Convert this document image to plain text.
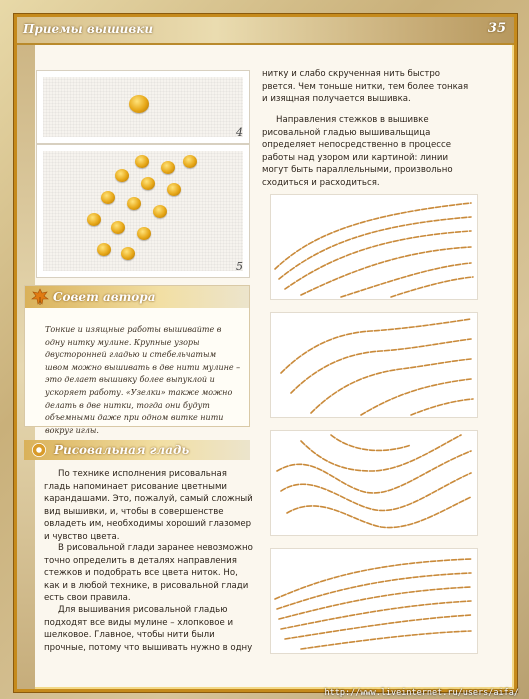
Приемы вышивки	35
4
5
Совет автора
Тонкие и изящные работы вышивайте в одну нитку мулине. Крупные узоры двусторонней гладью и стебельчатым швом можно вышивать в две нити мулине – это делает вышивку более выпуклой и ускоряет работу. «Узелки» также можно делать в две нитки, тогда они будут объемными даже при одном витке нити вокруг иглы.
Рисовальная гладь
По технике исполнения рисовальная гладь напоминает рисование цветными карандашами. Это, пожалуй, самый сложный вид вышивки, и, чтобы в совершенстве овладеть им, необходимы хороший глазомер и чувство цвета.
В рисовальной глади заранее невозможно точно определить в деталях направления стежков и подобрать все цвета ниток. Но, как и в любой технике, в рисовальной глади есть свои правила.
Для вышивания рисовальной гладью подходят все виды мулине – хлопковое и шелковое. Главное, чтобы нити были прочные, потому что вышивать нужно в одну
нитку и слабо скрученная нить быстро рвется. Чем тоньше нитки, тем более тонкая и изящная получается вышивка.
Направления стежков в вышивке рисовальной гладью вышивальщица определяет непосредственно в процессе работы над узором или картиной: линии могут быть параллельными, произвольно сходиться и расходиться.
http://www.liveinternet.ru/users/aifa/
